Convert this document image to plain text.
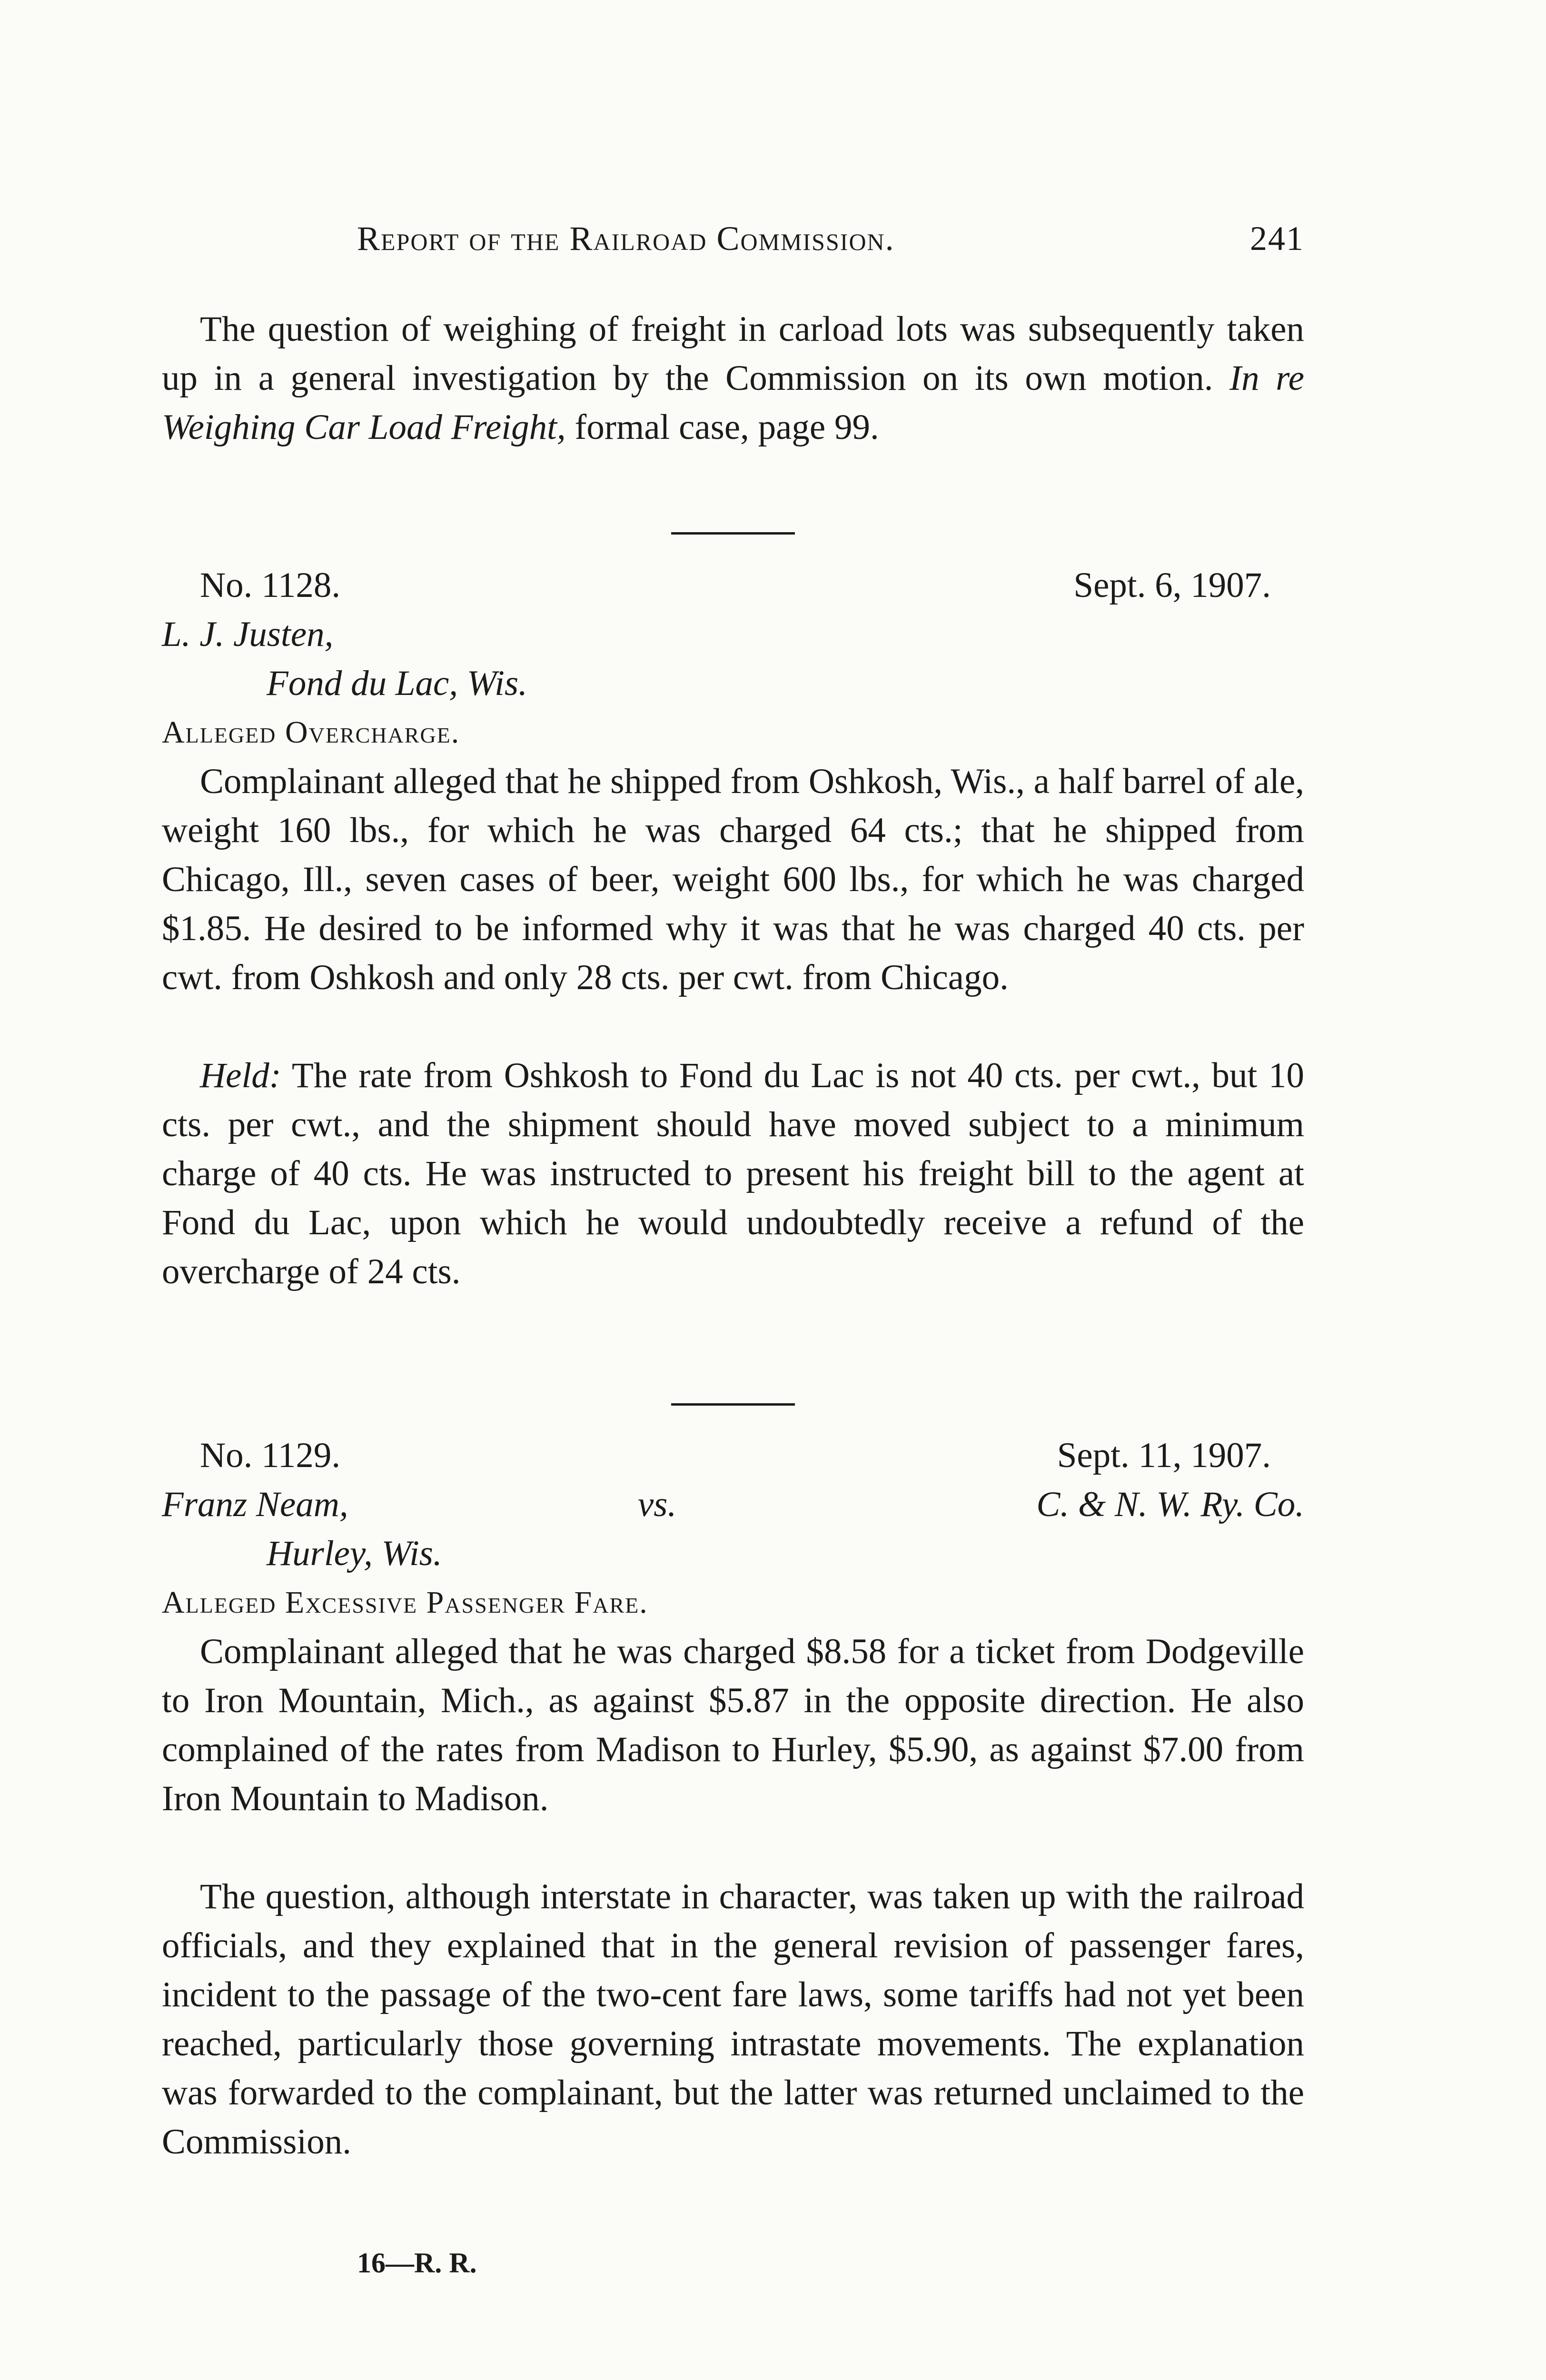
Report of the Railroad Commission.	241

The question of weighing of freight in carload lots was subsequently taken up in a general investigation by the Commission on its own motion. In re Weighing Car Load Freight, formal case, page 99.

No. 1128.	Sept. 6, 1907.
L. J. Justen,
Fond du Lac, Wis.
Alleged Overcharge.

Complainant alleged that he shipped from Oshkosh, Wis., a half barrel of ale, weight 160 lbs., for which he was charged 64 cts.; that he shipped from Chicago, Ill., seven cases of beer, weight 600 lbs., for which he was charged $1.85. He desired to be informed why it was that he was charged 40 cts. per cwt. from Oshkosh and only 28 cts. per cwt. from Chicago.

Held: The rate from Oshkosh to Fond du Lac is not 40 cts. per cwt., but 10 cts. per cwt., and the shipment should have moved subject to a minimum charge of 40 cts. He was instructed to present his freight bill to the agent at Fond du Lac, upon which he would undoubtedly receive a refund of the overcharge of 24 cts.

No. 1129.	Sept. 11, 1907.
Franz Neam,	vs.	C. & N. W. Ry. Co.
Hurley, Wis.
Alleged Excessive Passenger Fare.

Complainant alleged that he was charged $8.58 for a ticket from Dodgeville to Iron Mountain, Mich., as against $5.87 in the opposite direction. He also complained of the rates from Madison to Hurley, $5.90, as against $7.00 from Iron Mountain to Madison.

The question, although interstate in character, was taken up with the railroad officials, and they explained that in the general revision of passenger fares, incident to the passage of the two-cent fare laws, some tariffs had not yet been reached, particularly those governing intrastate movements. The explanation was forwarded to the complainant, but the latter was returned unclaimed to the Commission.

16—R. R.
